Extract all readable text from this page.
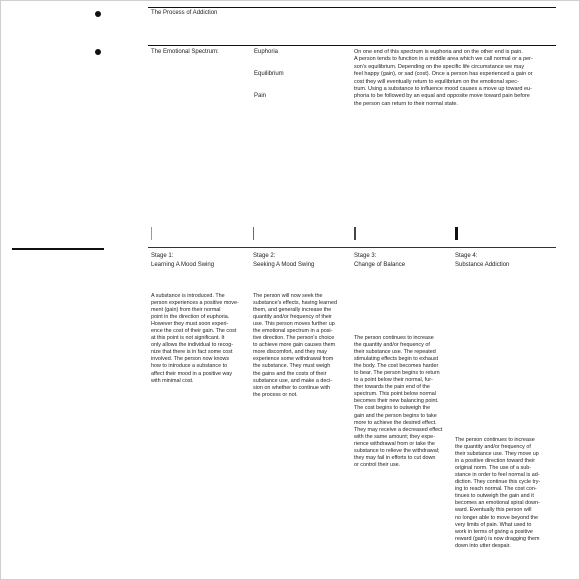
The Process of Addiction
The Emotional Spectrum:	Euphoria
Equilibrium
Pain
On one end of this spectrum is euphoria and on the other end is pain.
A person tends to function in a middle area which we call normal or a per-
son's equilibrium. Depending on the specific life circumstance we may
feel happy (gain), or sad (cost). Once a person has experienced a gain or
cost they will eventually return to equilibrium on the emotional spec-
trum. Using a substance to influence mood causes a move up toward eu-
phoria to be followed by an equal and opposite move toward pain before
the person can return to their normal state.
Stage 1:
Learning A Mood Swing
Stage 2:
Seeking A Mood Swing
Stage 3:
Change of Balance
Stage 4:
Substance Addiction
A substance is introduced. The
person experiences a positive move-
ment (gain) from their normal
point in the direction of euphoria.
However they must soon experi-
ence the cost of their gain. The cost
at this point is not significant. It
only allows the individual to recog-
nize that there is in fact some cost
involved. The person now knows
how to introduce a substance to
affect their mood in a positive way
with minimal cost.
The person will now seek the
substance's effects, having learned
them, and generally increase the
quantity and/or frequency of their
use. This person moves further up
the emotional spectrum in a posi-
tive direction. The person's choice
to achieve more gain causes them
more discomfort, and they may
experience some withdrawal from
the substance. They must weigh
the gains and the costs of their
substance use, and make a deci-
sion on whether to continue with
the process or not.
The person continues to increase
the quantity and/or frequency of
their substance use. The repeated
stimulating effects begin to exhaust
the body. The cost becomes harder
to bear. The person begins to return
to a point below their normal, fur-
ther towards the pain end of the
spectrum. This point below normal
becomes their new balancing point.
The cost begins to outweigh the
gain and the person begins to take
more to achieve the desired effect.
They may receive a decreased effect
with the same amount; they expe-
rience withdrawal from or take the
substance to relieve the withdrawal;
they may fail in efforts to cut down
or control their use.
The person continues to increase
the quantity and/or frequency of
their substance use. They move up
in a positive direction toward their
original norm. The use of a sub-
stance in order to feel normal is ad-
diction. They continue this cycle try-
ing to reach normal. The cost con-
tinues to outweigh the gain and it
becomes an emotional spiral down-
ward. Eventually this person will
no longer able to move beyond the
very limits of pain. What used to
work in terms of giving a positive
reward (gain) is now dragging them
down into utter despair.
